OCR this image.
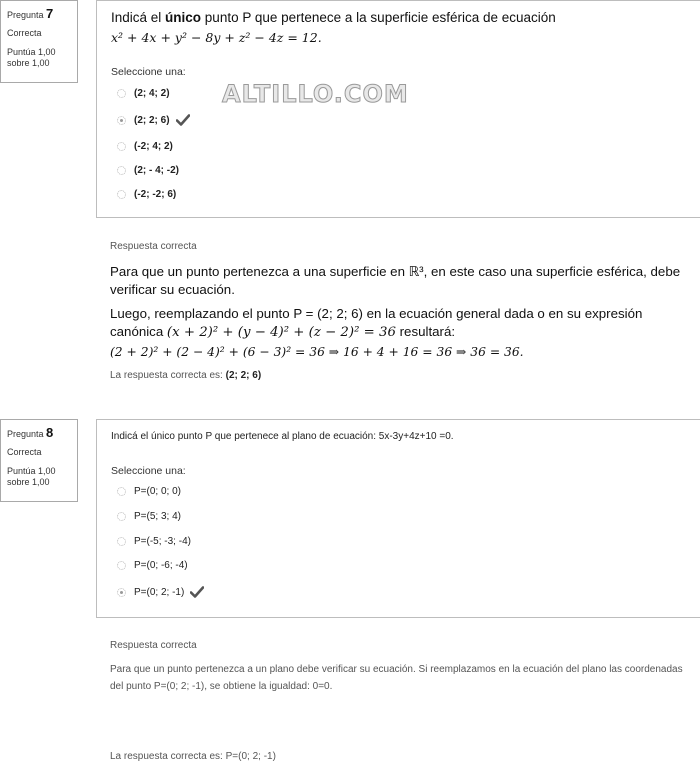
Pregunta 7
Correcta
Puntúa 1,00
sobre 1,00
Indicá el único punto P que pertenece a la superficie esférica de ecuación
x² + 4x + y² − 8y + z² − 4z = 12.
Seleccione una:
(2; 4; 2)
(2; 2; 6)
(-2; 4; 2)
(2; - 4; -2)
(-2; -2; 6)
ALTILLO.COM
Respuesta correcta
Para que un punto pertenezca a una superficie en ℝ³, en este caso una superficie esférica, debe verificar su ecuación.
Luego, reemplazando el punto P = (2; 2; 6) en la ecuación general dada o en su expresión
canónica (x + 2)² + (y − 4)² + (z − 2)² = 36 resultará:
(2 + 2)² + (2 − 4)² + (6 − 3)² = 36 ⇒ 16 + 4 + 16 = 36 ⇒ 36 = 36.
La respuesta correcta es: (2; 2; 6)
Pregunta 8
Correcta
Puntúa 1,00
sobre 1,00
Indicá el único punto P que pertenece al plano de ecuación: 5x-3y+4z+10 =0.
Seleccione una:
P=(0; 0; 0)
P=(5; 3; 4)
P=(-5; -3; -4)
P=(0; -6; -4)
P=(0; 2; -1)
Respuesta correcta
Para que un punto pertenezca a un plano debe verificar su ecuación. Si reemplazamos en la ecuación del plano las coordenadas del punto P=(0; 2; -1), se obtiene la igualdad: 0=0.
La respuesta correcta es: P=(0; 2; -1)
